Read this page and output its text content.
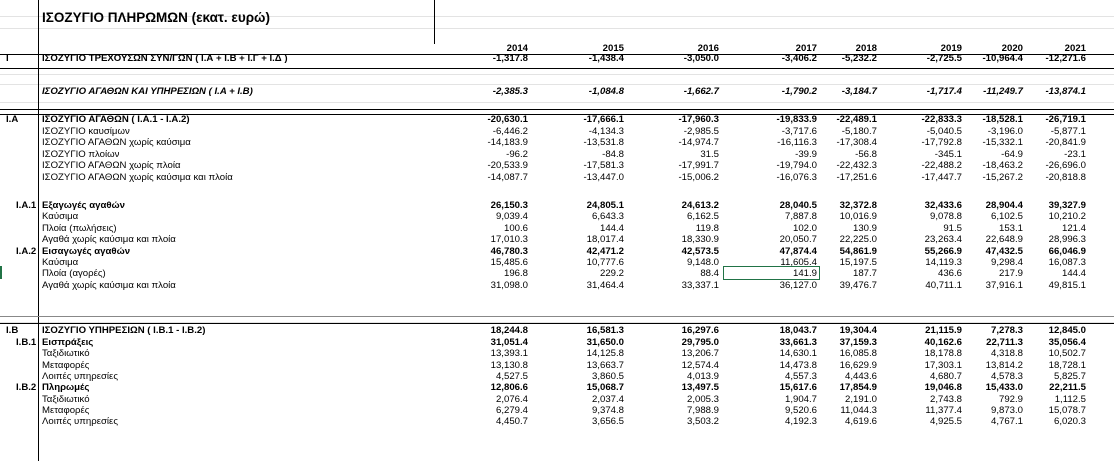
ΙΣΟΖΥΓΙΟ ΠΛΗΡΩΜΩΝ (εκατ. ευρώ)
2014	2015	2016	2017	2018	2019	2020	2021
I	ΙΣΟΖΥΓΙΟ ΤΡΕΧΟΥΣΩΝ ΣΥΝ/ΓΩΝ ( Ι.Α + Ι.Β + Ι.Γ + Ι.Δ )	-1,317.8	-1,438.4	-3,050.0	-3,406.2	-5,232.2	-2,725.5	-10,964.4	-12,271.6
ΙΣΟΖΥΓΙΟ ΑΓΑΘΩΝ ΚΑΙ ΥΠΗΡΕΣΙΩΝ ( Ι.Α + Ι.Β)	-2,385.3	-1,084.8	-1,662.7	-1,790.2	-3,184.7	-1,717.4	-11,249.7	-13,874.1
I.A ΙΣΟΖΥΓΙΟ ΑΓΑΘΩΝ ( Ι.Α.1 - Ι.Α.2)	-20,630.1	-17,666.1	-17,960.3	-19,833.9	-22,489.1	-22,833.3	-18,528.1	-26,719.1
ΙΣΟΖΥΓΙΟ καυσίμων	-6,446.2	-4,134.3	-2,985.5	-3,717.6	-5,180.7	-5,040.5	-3,196.0	-5,877.1
ΙΣΟΖΥΓΙΟ ΑΓΑΘΩΝ χωρίς καύσιμα	-14,183.9	-13,531.8	-14,974.7	-16,116.3	-17,308.4	-17,792.8	-15,332.1	-20,841.9
ΙΣΟΖΥΓΙΟ πλοίων	-96.2	-84.8	31.5	-39.9	-56.8	-345.1	-64.9	-23.1
ΙΣΟΖΥΓΙΟ ΑΓΑΘΩΝ χωρίς πλοία	-20,533.9	-17,581.3	-17,991.7	-19,794.0	-22,432.3	-22,488.2	-18,463.2	-26,696.0
ΙΣΟΖΥΓΙΟ ΑΓΑΘΩΝ χωρίς καύσιμα και πλοία	-14,087.7	-13,447.0	-15,006.2	-16,076.3	-17,251.6	-17,447.7	-15,267.2	-20,818.8
I.A.1 Εξαγωγές αγαθών	26,150.3	24,805.1	24,613.2	28,040.5	32,372.8	32,433.6	28,904.4	39,327.9
Καύσιμα	9,039.4	6,643.3	6,162.5	7,887.8	10,016.9	9,078.8	6,102.5	10,210.2
Πλοία (πωλήσεις)	100.6	144.4	119.8	102.0	130.9	91.5	153.1	121.4
Αγαθά χωρίς καύσιμα και πλοία	17,010.3	18,017.4	18,330.9	20,050.7	22,225.0	23,263.4	22,648.9	28,996.3
I.A.2 Εισαγωγές αγαθών	46,780.3	42,471.2	42,573.5	47,874.4	54,861.9	55,266.9	47,432.5	66,046.9
Καύσιμα	15,485.6	10,777.6	9,148.0	11,605.4	15,197.5	14,119.3	9,298.4	16,087.3
Πλοία (αγορές)	196.8	229.2	88.4	141.9	187.7	436.6	217.9	144.4
Αγαθά χωρίς καύσιμα και πλοία	31,098.0	31,464.4	33,337.1	36,127.0	39,476.7	40,711.1	37,916.1	49,815.1
I.B ΙΣΟΖΥΓΙΟ ΥΠΗΡΕΣΙΩΝ ( Ι.Β.1 - Ι.Β.2)	18,244.8	16,581.3	16,297.6	18,043.7	19,304.4	21,115.9	7,278.3	12,845.0
I.B.1 Εισπράξεις	31,051.4	31,650.0	29,795.0	33,661.3	37,159.3	40,162.6	22,711.3	35,056.4
Ταξιδιωτικό	13,393.1	14,125.8	13,206.7	14,630.1	16,085.8	18,178.8	4,318.8	10,502.7
Μεταφορές	13,130.8	13,663.7	12,574.4	14,473.8	16,629.9	17,303.1	13,814.2	18,728.1
Λοιπές υπηρεσίες	4,527.5	3,860.5	4,013.9	4,557.3	4,443.6	4,680.7	4,578.3	5,825.7
I.B.2 Πληρωμές	12,806.6	15,068.7	13,497.5	15,617.6	17,854.9	19,046.8	15,433.0	22,211.5
Ταξιδιωτικό	2,076.4	2,037.4	2,005.3	1,904.7	2,191.0	2,743.8	792.9	1,112.5
Μεταφορές	6,279.4	9,374.8	7,988.9	9,520.6	11,044.3	11,377.4	9,873.0	15,078.7
Λοιπές υπηρεσίες	4,450.7	3,656.5	3,503.2	4,192.3	4,619.6	4,925.5	4,767.1	6,020.3
